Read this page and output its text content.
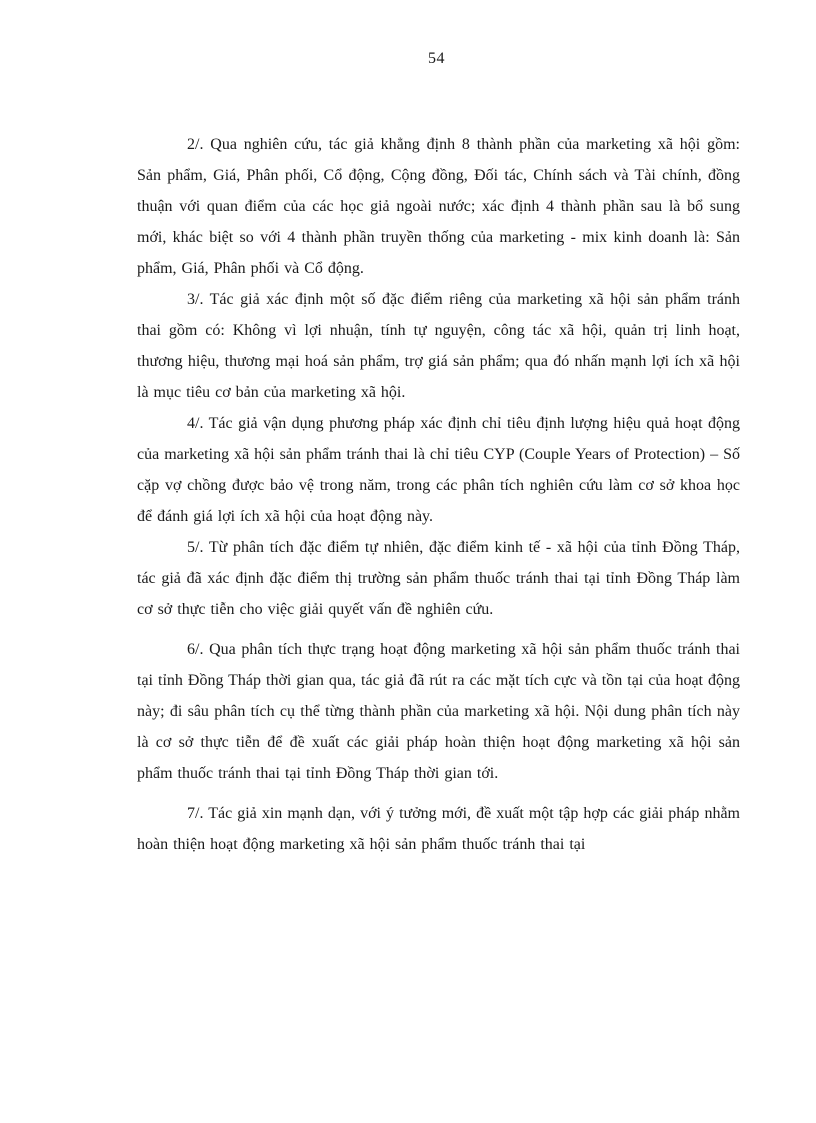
54

2/. Qua nghiên cứu, tác giả khẳng định 8 thành phần của marketing xã hội gồm: Sản phẩm, Giá, Phân phối, Cổ động, Cộng đồng, Đối tác, Chính sách và Tài chính, đồng thuận với quan điểm của các học giả ngoài nước; xác định 4 thành phần sau là bổ sung mới, khác biệt so với 4 thành phần truyền thống của marketing - mix kinh doanh là: Sản phẩm, Giá, Phân phối và Cổ động.

3/. Tác giả xác định một số đặc điểm riêng của marketing xã hội sản phẩm tránh thai gồm có: Không vì lợi nhuận, tính tự nguyện, công tác xã hội, quản trị linh hoạt, thương hiệu, thương mại hoá sản phẩm, trợ giá sản phẩm; qua đó nhấn mạnh lợi ích xã hội là mục tiêu cơ bản của marketing xã hội.

4/. Tác giả vận dụng phương pháp xác định chỉ tiêu định lượng hiệu quả hoạt động của marketing xã hội sản phẩm tránh thai là chỉ tiêu CYP (Couple Years of Protection) – Số cặp vợ chồng được bảo vệ trong năm, trong các phân tích nghiên cứu làm cơ sở khoa học để đánh giá lợi ích xã hội của hoạt động này.

5/. Từ phân tích đặc điểm tự nhiên, đặc điểm kinh tế - xã hội của tỉnh Đồng Tháp, tác giả đã xác định đặc điểm thị trường sản phẩm thuốc tránh thai tại tỉnh Đồng Tháp làm cơ sở thực tiễn cho việc giải quyết vấn đề nghiên cứu.

6/. Qua phân tích thực trạng hoạt động marketing xã hội sản phẩm thuốc tránh thai tại tỉnh Đồng Tháp thời gian qua, tác giả đã rút ra các mặt tích cực và tồn tại của hoạt động này; đi sâu phân tích cụ thể từng thành phần của marketing xã hội. Nội dung phân tích này là cơ sở thực tiễn để đề xuất các giải pháp hoàn thiện hoạt động marketing xã hội sản phẩm thuốc tránh thai tại tỉnh Đồng Tháp thời gian tới.

7/. Tác giả xin mạnh dạn, với ý tưởng mới, đề xuất một tập hợp các giải pháp nhằm hoàn thiện hoạt động marketing xã hội sản phẩm thuốc tránh thai tại
